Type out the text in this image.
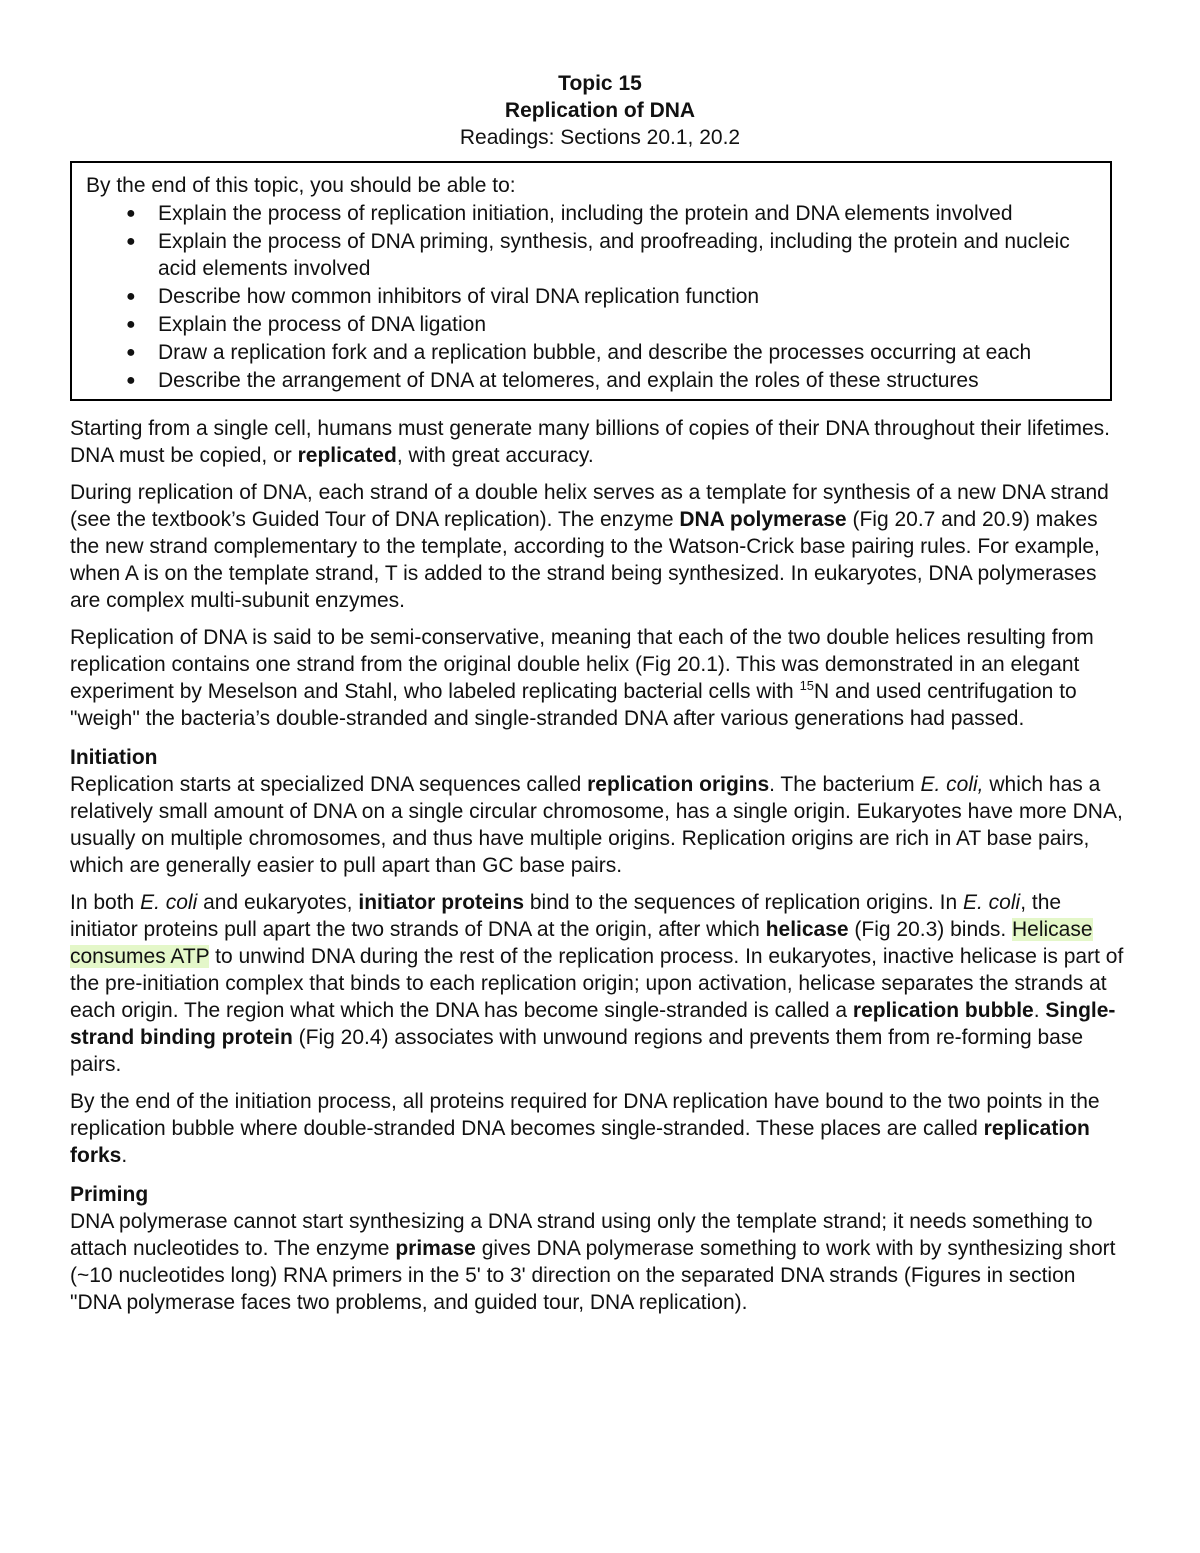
Topic 15
Replication of DNA
Readings: Sections 20.1, 20.2
By the end of this topic, you should be able to:
● Explain the process of replication initiation, including the protein and DNA elements involved
● Explain the process of DNA priming, synthesis, and proofreading, including the protein and nucleic acid elements involved
● Describe how common inhibitors of viral DNA replication function
● Explain the process of DNA ligation
● Draw a replication fork and a replication bubble, and describe the processes occurring at each
● Describe the arrangement of DNA at telomeres, and explain the roles of these structures

Starting from a single cell, humans must generate many billions of copies of their DNA throughout their lifetimes. DNA must be copied, or replicated, with great accuracy.

During replication of DNA, each strand of a double helix serves as a template for synthesis of a new DNA strand (see the textbook’s Guided Tour of DNA replication). The enzyme DNA polymerase (Fig 20.7 and 20.9) makes the new strand complementary to the template, according to the Watson-Crick base pairing rules. For example, when A is on the template strand, T is added to the strand being synthesized. In eukaryotes, DNA polymerases are complex multi-subunit enzymes.

Replication of DNA is said to be semi-conservative, meaning that each of the two double helices resulting from replication contains one strand from the original double helix (Fig 20.1). This was demonstrated in an elegant experiment by Meselson and Stahl, who labeled replicating bacterial cells with $^{15}$N and used centrifugation to "weigh" the bacteria’s double-stranded and single-stranded DNA after various generations had passed.

Initiation

Replication starts at specialized DNA sequences called replication origins. The bacterium E. coli, which has a relatively small amount of DNA on a single circular chromosome, has a single origin. Eukaryotes have more DNA, usually on multiple chromosomes, and thus have multiple origins. Replication origins are rich in AT base pairs, which are generally easier to pull apart than GC base pairs.

In both E. coli and eukaryotes, initiator proteins bind to the sequences of replication origins. In E. coli, the initiator proteins pull apart the two strands of DNA at the origin, after which helicase (Fig 20.3) binds. Helicase consumes ATP to unwind DNA during the rest of the replication process. In eukaryotes, inactive helicase is part of the pre-initiation complex that binds to each replication origin; upon activation, helicase separates the strands at each origin. The region what which the DNA has become single-stranded is called a replication bubble. Single-strand binding protein (Fig 20.4) associates with unwound regions and prevents them from re-forming base pairs.

By the end of the initiation process, all proteins required for DNA replication have bound to the two points in the replication bubble where double-stranded DNA becomes single-stranded. These places are called replication forks.

Priming

DNA polymerase cannot start synthesizing a DNA strand using only the template strand; it needs something to attach nucleotides to. The enzyme primase gives DNA polymerase something to work with by synthesizing short (~10 nucleotides long) RNA primers in the 5' to 3' direction on the separated DNA strands (Figures in section "DNA polymerase faces two problems, and guided tour, DNA replication).
